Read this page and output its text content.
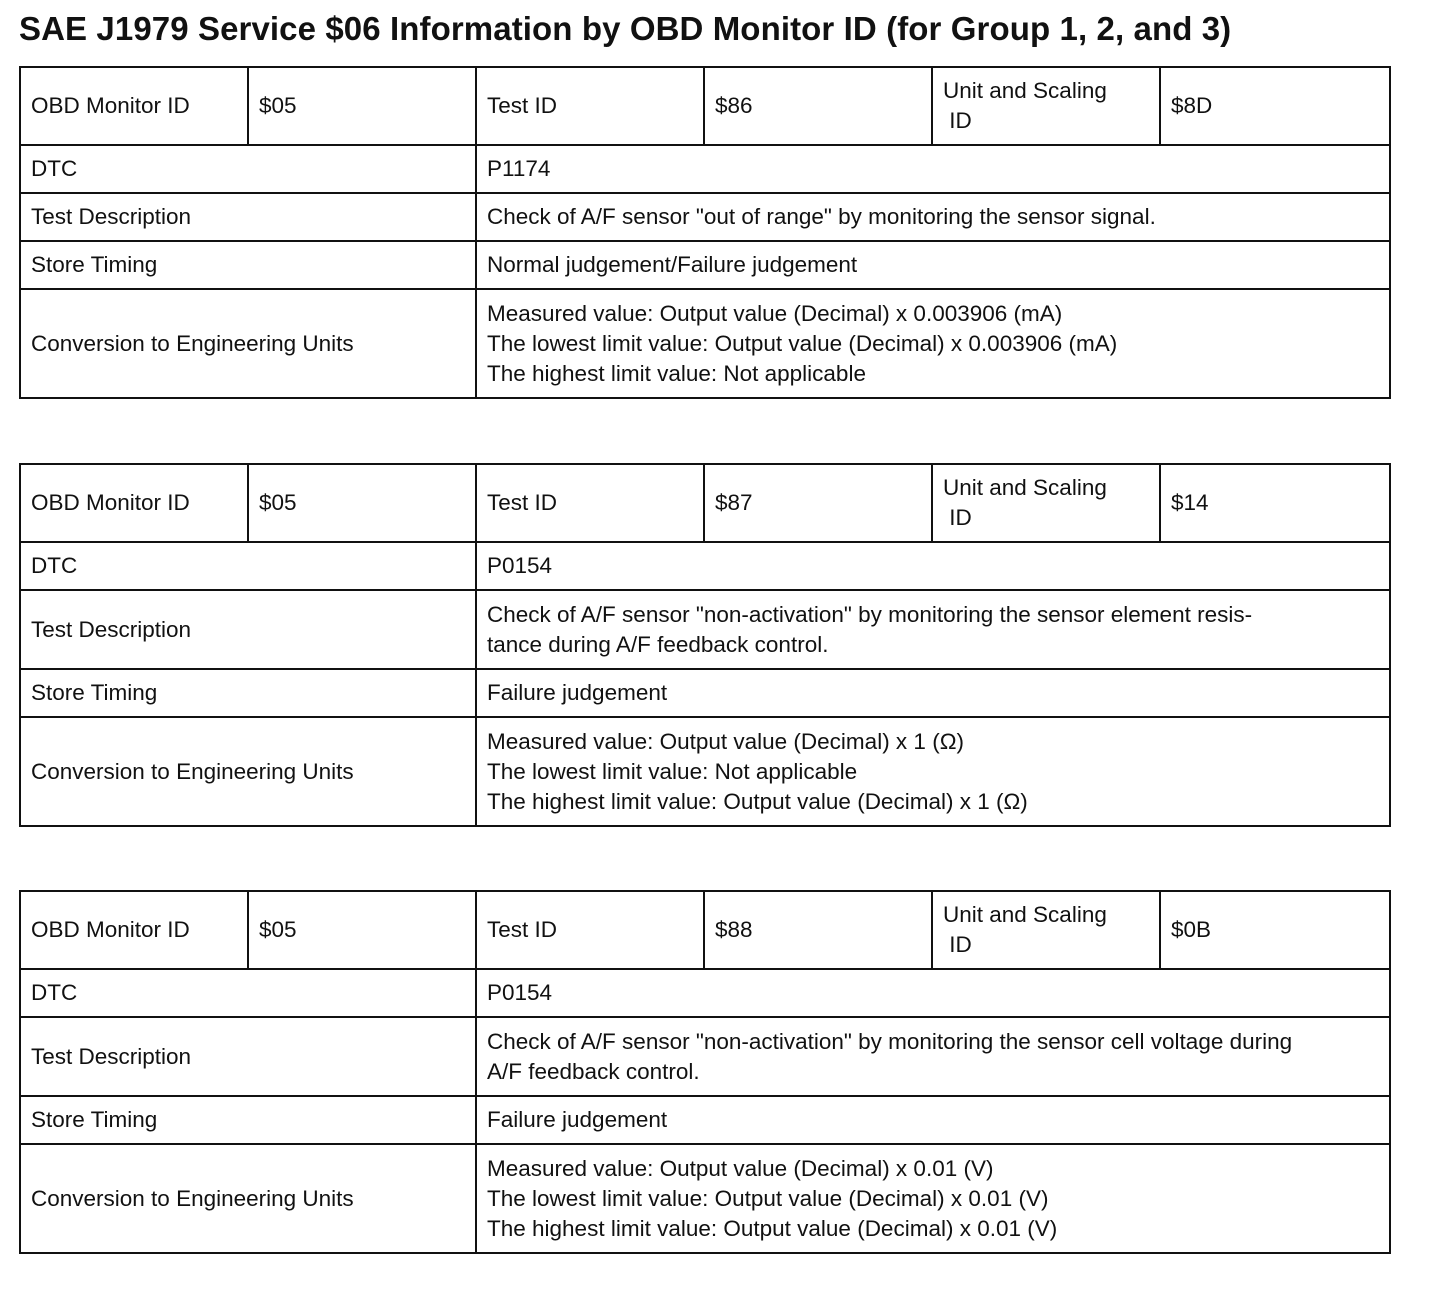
SAE J1979 Service $06 Information by OBD Monitor ID (for Group 1, 2, and 3)
OBD Monitor ID	$05	Test ID	$86	Unit and Scaling
ID	$8D
DTC		P1174			
Test Description		Check of A/F sensor "out of range" by monitoring the sensor signal.			

Store Timing		Normal judgement/Failure judgement			
Conversion to Engineering Units		Measured value: Output value (Decimal) x 0.003906 (mA)
The lowest limit value: Output value (Decimal) x 0.003906 (mA)
The highest limit value: Not applicable			
OBD Monitor ID	$05	Test ID	$87	Unit and Scaling
ID	$14
DTC		P0154			
Test Description		Check of A/F sensor "non-activation" by monitoring the sensor element resis-
tance during A/F feedback control.			

Store Timing		Failure judgement			
Conversion to Engineering Units		Measured value: Output value (Decimal) x 1 (Ω)
The lowest limit value: Not applicable
The highest limit value: Output value (Decimal) x 1 (Ω)			
OBD Monitor ID	$05	Test ID	$88	Unit and Scaling
ID	$0B
DTC		P0154			
Test Description		Check of A/F sensor "non-activation" by monitoring the sensor cell voltage during
A/F feedback control.			

Store Timing		Failure judgement			
Conversion to Engineering Units		Measured value: Output value (Decimal) x 0.01 (V)
The lowest limit value: Output value (Decimal) x 0.01 (V)
The highest limit value: Output value (Decimal) x 0.01 (V)			
